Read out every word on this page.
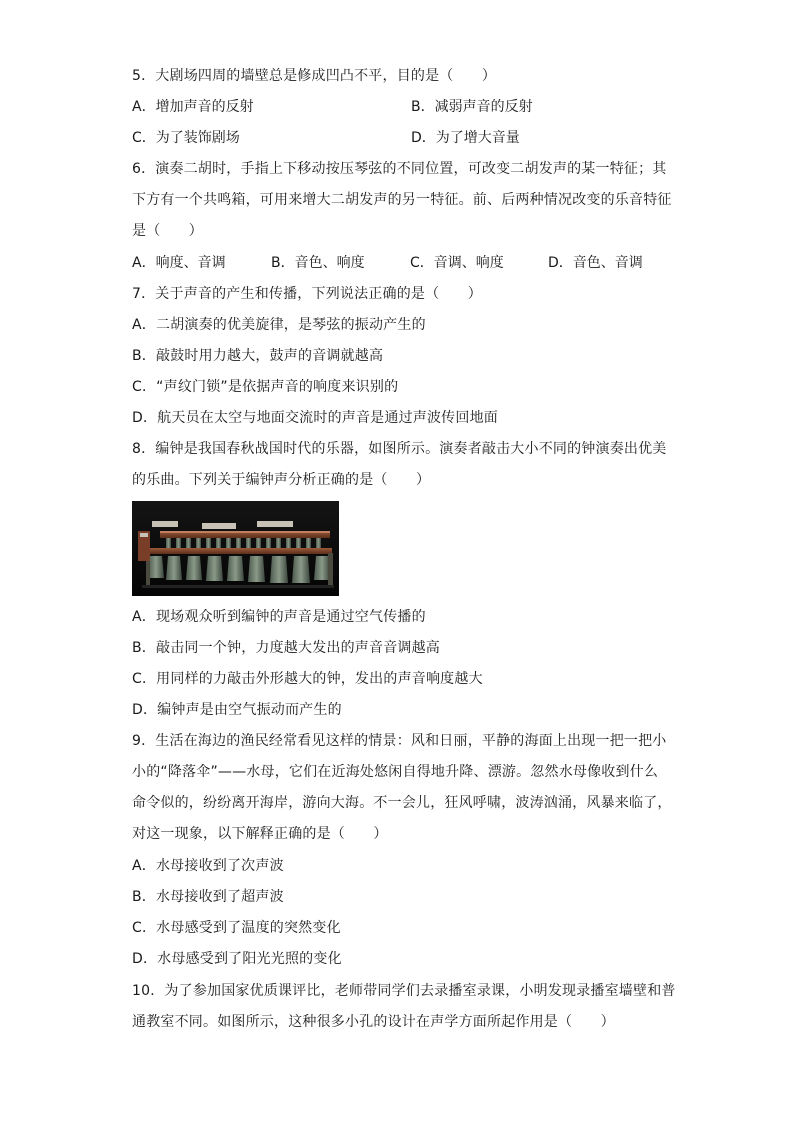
5．大剧场四周的墙壁总是修成凹凸不平，目的是（　　）
A．增加声音的反射	B．减弱声音的反射
C．为了装饰剧场	D．为了增大音量
6．演奏二胡时，手指上下移动按压琴弦的不同位置，可改变二胡发声的某一特征；其
下方有一个共鸣箱，可用来增大二胡发声的另一特征。前、后两种情况改变的乐音特征
是（　　）
A．响度、音调	B．音色、响度	C．音调、响度	D．音色、音调
7．关于声音的产生和传播，下列说法正确的是（　　）
A．二胡演奏的优美旋律，是琴弦的振动产生的
B．敲鼓时用力越大，鼓声的音调就越高
C．“声纹门锁”是依据声音的响度来识别的
D．航天员在太空与地面交流时的声音是通过声波传回地面
8．编钟是我国春秋战国时代的乐器，如图所示。演奏者敲击大小不同的钟演奏出优美
的乐曲。下列关于编钟声分析正确的是（　　）
A．现场观众听到编钟的声音是通过空气传播的
B．敲击同一个钟，力度越大发出的声音音调越高
C．用同样的力敲击外形越大的钟，发出的声音响度越大
D．编钟声是由空气振动而产生的
9．生活在海边的渔民经常看见这样的情景：风和日丽，平静的海面上出现一把一把小
小的“降落伞”——水母，它们在近海处悠闲自得地升降、漂游。忽然水母像收到什么
命令似的，纷纷离开海岸，游向大海。不一会儿，狂风呼啸，波涛汹涌，风暴来临了，
对这一现象，以下解释正确的是（　　）
A．水母接收到了次声波
B．水母接收到了超声波
C．水母感受到了温度的突然变化
D．水母感受到了阳光光照的变化
10．为了参加国家优质课评比，老师带同学们去录播室录课，小明发现录播室墙壁和普
通教室不同。如图所示，这种很多小孔的设计在声学方面所起作用是（　　）
